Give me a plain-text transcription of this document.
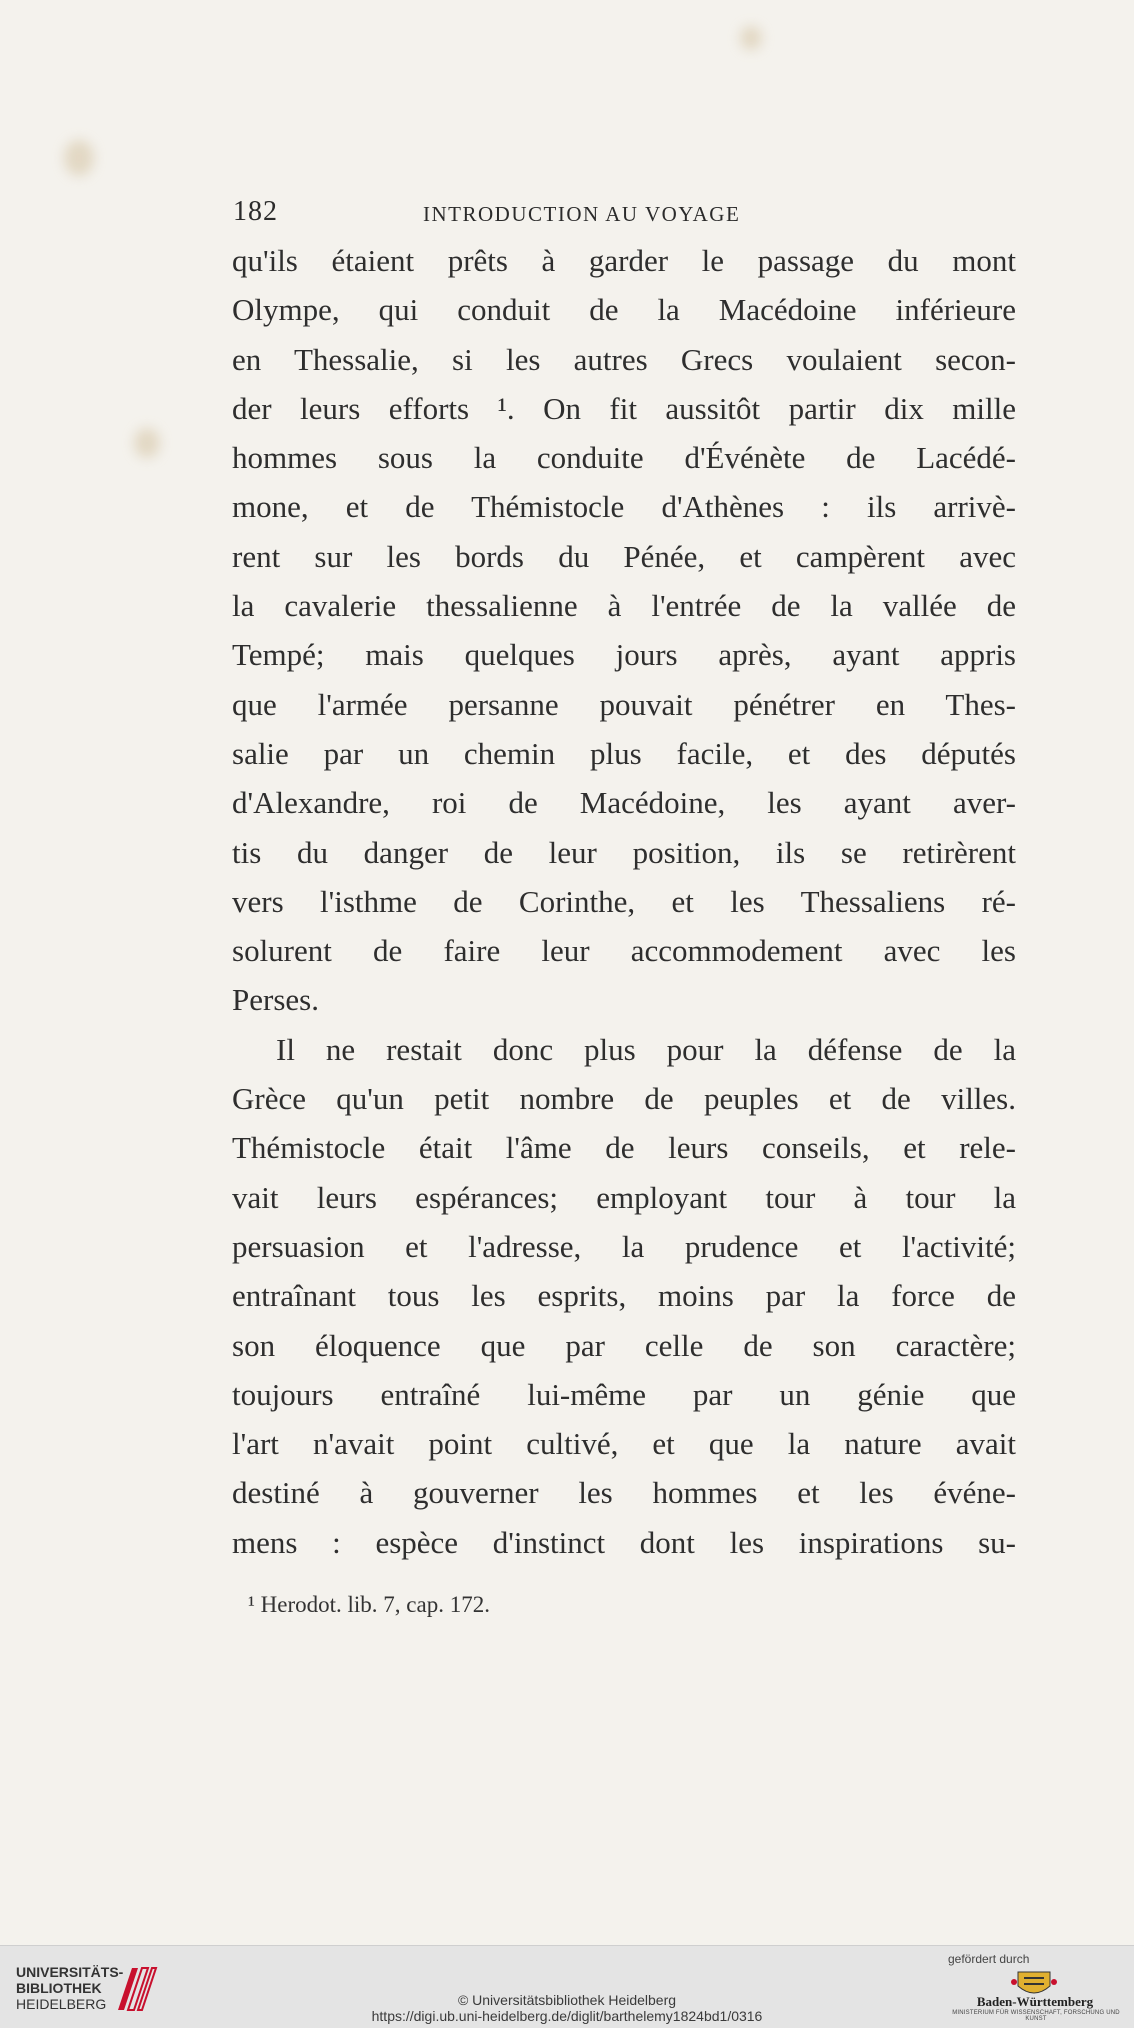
182	INTRODUCTION AU VOYAGE
qu'ils étaient prêts à garder le passage du mont
Olympe, qui conduit de la Macédoine inférieure
en Thessalie, si les autres Grecs voulaient secon-
der leurs efforts ¹. On fit aussitôt partir dix mille
hommes sous la conduite d'Événète de Lacédé-
mone, et de Thémistocle d'Athènes : ils arrivè-
rent sur les bords du Pénée, et campèrent avec
la cavalerie thessalienne à l'entrée de la vallée de
Tempé; mais quelques jours après, ayant appris
que l'armée persanne pouvait pénétrer en Thes-
salie par un chemin plus facile, et des députés
d'Alexandre, roi de Macédoine, les ayant aver-
tis du danger de leur position, ils se retirèrent
vers l'isthme de Corinthe, et les Thessaliens ré-
solurent de faire leur accommodement avec les
Perses.
Il ne restait donc plus pour la défense de la
Grèce qu'un petit nombre de peuples et de villes.
Thémistocle était l'âme de leurs conseils, et rele-
vait leurs espérances; employant tour à tour la
persuasion et l'adresse, la prudence et l'activité;
entraînant tous les esprits, moins par la force de
son éloquence que par celle de son caractère;
toujours entraîné lui-même par un génie que
l'art n'avait point cultivé, et que la nature avait
destiné à gouverner les hommes et les événe-
mens : espèce d'instinct dont les inspirations su-
¹ Herodot. lib. 7, cap. 172.
UNIVERSITÄTS-
BIBLIOTHEK
HEIDELBERG	© Universitätsbibliothek Heidelberg
https://digi.ub.uni-heidelberg.de/diglit/barthelemy1824bd1/0316
gefördert durch
Baden-Württemberg
MINISTERIUM FÜR WISSENSCHAFT, FORSCHUNG UND KUNST
